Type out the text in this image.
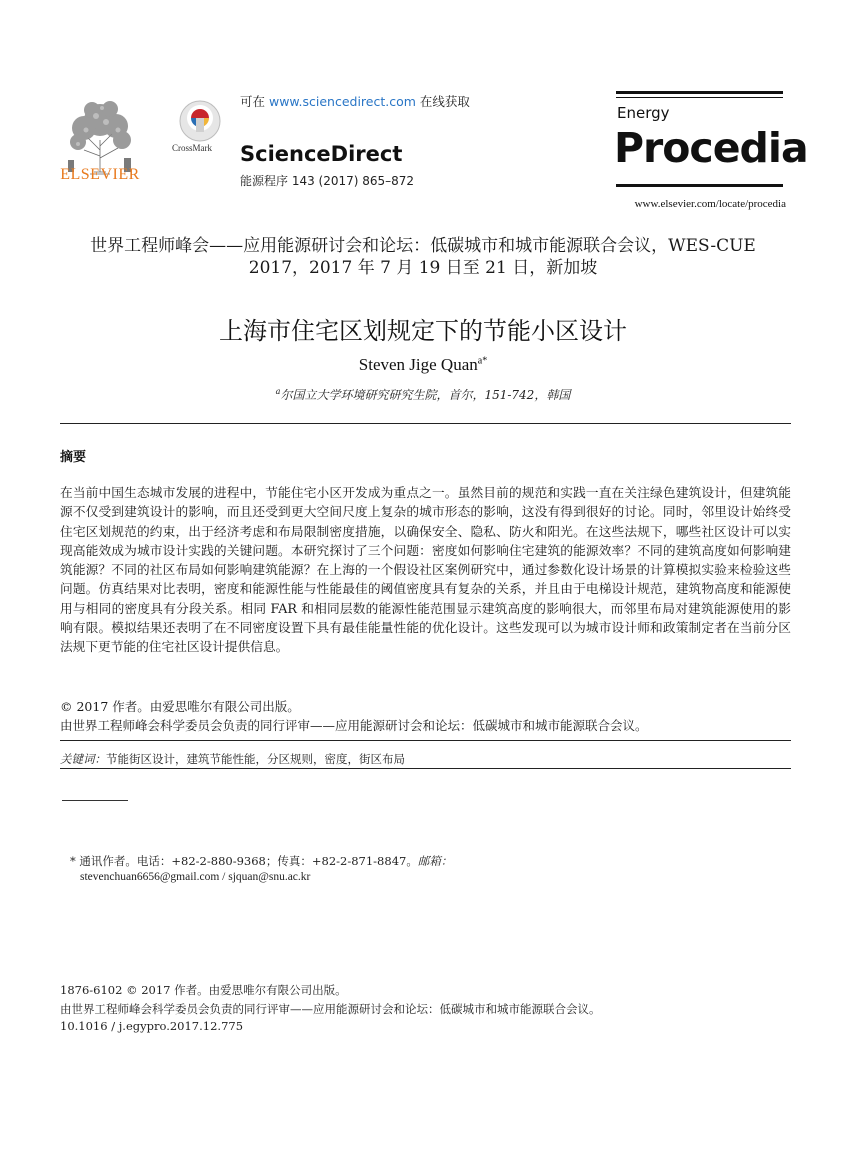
ELSEVIER
CrossMark
可在 www.sciencedirect.com 在线获取
ScienceDirect
能源程序 143 (2017) 865–872
Energy
Procedia
www.elsevier.com/locate/procedia
世界工程师峰会——应用能源研讨会和论坛：低碳城市和城市能源联合会议，WES-CUE
2017，2017 年 7 月 19 日至 21 日，新加坡
上海市住宅区划规定下的节能小区设计
Steven Jige Quan$^{a*}$
$^a$尔国立大学环境研究研究生院，首尔，151-742，韩国
摘要
在当前中国生态城市发展的进程中，节能住宅小区开发成为重点之一。虽然目前的规范和实践一直在关注绿色建筑设计，但建筑能源不仅受到建筑设计的影响，而且还受到更大空间尺度上复杂的城市形态的影响，这没有得到很好的讨论。同时，邻里设计始终受住宅区划规范的约束，出于经济考虑和布局限制密度措施，以确保安全、隐私、防火和阳光。在这些法规下，哪些社区设计可以实现高能效成为城市设计实践的关键问题。本研究探讨了三个问题：密度如何影响住宅建筑的能源效率？不同的建筑高度如何影响建筑能源？不同的社区布局如何影响建筑能源？在上海的一个假设社区案例研究中，通过参数化设计场景的计算模拟实验来检验这些问题。仿真结果对比表明，密度和能源性能与性能最佳的阈值密度具有复杂的关系，并且由于电梯设计规范，建筑物高度和能源使用与相同的密度具有分段关系。相同 FAR 和相同层数的能源性能范围显示建筑高度的影响很大，而邻里布局对建筑能源使用的影响有限。模拟结果还表明了在不同密度设置下具有最佳能量性能的优化设计。这些发现可以为城市设计师和政策制定者在当前分区法规下更节能的住宅社区设计提供信息。
© 2017 作者。由爱思唯尔有限公司出版。
由世界工程师峰会科学委员会负责的同行评审——应用能源研讨会和论坛：低碳城市和城市能源联合会议。
关键词：节能街区设计，建筑节能性能，分区规则，密度，街区布局
* 通讯作者。电话：+82-2-880-9368；传真：+82-2-871-8847。邮箱：
stevenchuan6656@gmail.com / sjquan@snu.ac.kr
1876-6102 © 2017 作者。由爱思唯尔有限公司出版。
由世界工程师峰会科学委员会负责的同行评审——应用能源研讨会和论坛：低碳城市和城市能源联合会议。
10.1016 / j.egypro.2017.12.775
